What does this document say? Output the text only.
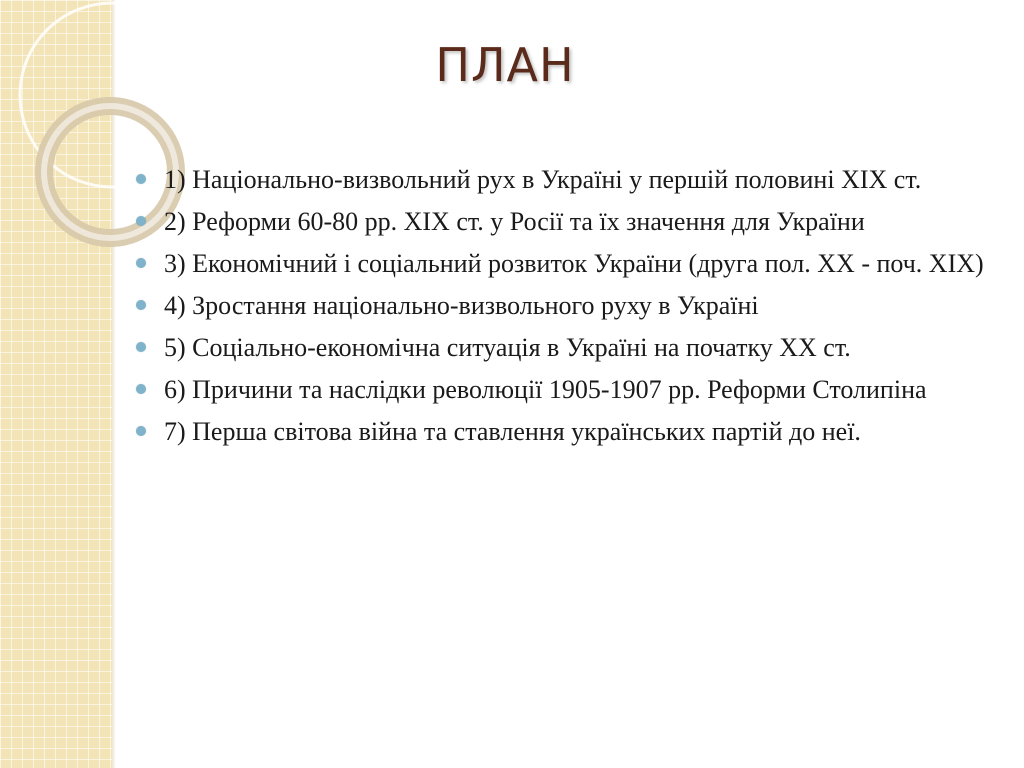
ПЛАН
1) Національно-визвольний рух в Україні у першій половині XIX ст.
2) Реформи 60-80 рр. XIX ст. у Росії та їх значення для України
3) Економічний і соціальний розвиток України (друга пол. XX - поч. XIX)
4) Зростання національно-визвольного руху в Україні
5) Соціально-економічна ситуація в Україні на початку XX ст.
6) Причини та наслідки революції 1905-1907 рр. Реформи Столипіна
7) Перша світова війна та ставлення українських партій до неї.
